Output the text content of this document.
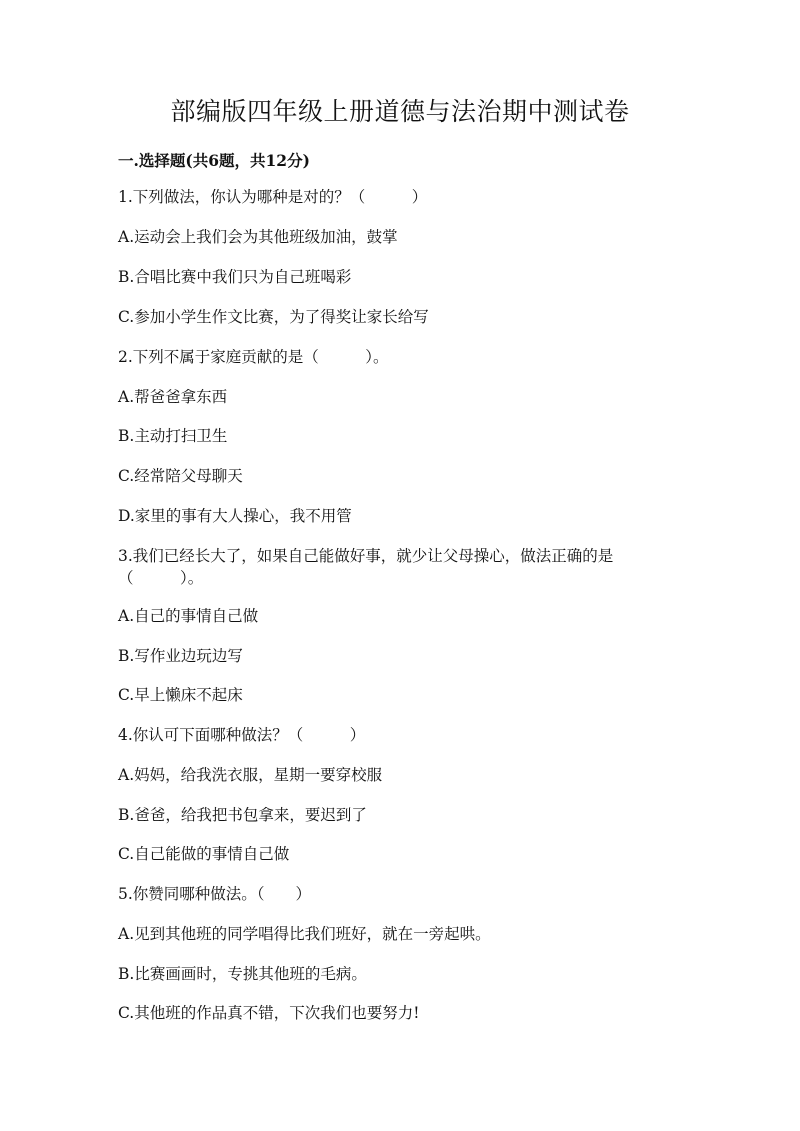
部编版四年级上册道德与法治期中测试卷

一.选择题(共6题，共12分)

1.下列做法，你认为哪种是对的？（　　　）

A.运动会上我们会为其他班级加油，鼓掌

B.合唱比赛中我们只为自己班喝彩

C.参加小学生作文比赛，为了得奖让家长给写

2.下列不属于家庭贡献的是（　　　）。

A.帮爸爸拿东西

B.主动打扫卫生

C.经常陪父母聊天

D.家里的事有大人操心，我不用管

3.我们已经长大了，如果自己能做好事，就少让父母操心，做法正确的是

（　　　）。

A.自己的事情自己做

B.写作业边玩边写

C.早上懒床不起床

4.你认可下面哪种做法？（　　　）

A.妈妈，给我洗衣服，星期一要穿校服

B.爸爸，给我把书包拿来，要迟到了

C.自己能做的事情自己做

5.你赞同哪种做法。（　　）

A.见到其他班的同学唱得比我们班好，就在一旁起哄。

B.比赛画画时，专挑其他班的毛病。

C.其他班的作品真不错，下次我们也要努力!
